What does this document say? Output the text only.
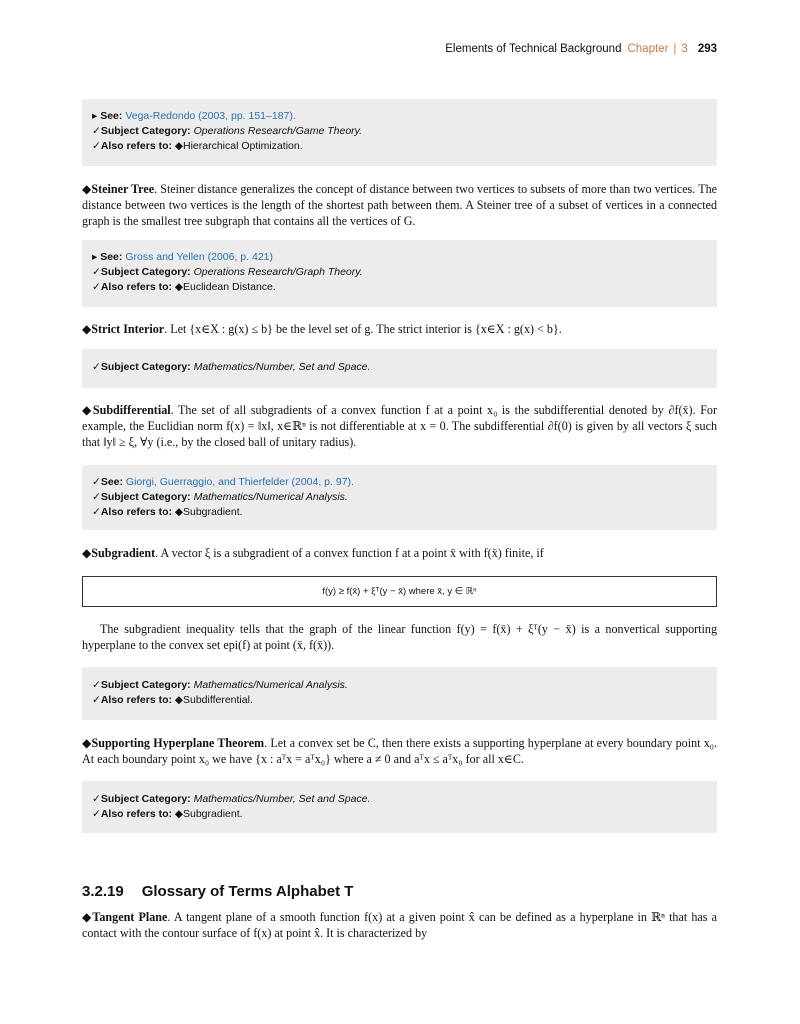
Elements of Technical Background Chapter | 3 293
▸ See: Vega-Redondo (2003, pp. 151–187).
✓Subject Category: Operations Research/Game Theory.
✓Also refers to: ◆Hierarchical Optimization.
◆Steiner Tree. Steiner distance generalizes the concept of distance between two vertices to subsets of more than two vertices. The distance between two vertices is the length of the shortest path between them. A Steiner tree of a subset of vertices in a connected graph is the smallest tree subgraph that contains all the vertices of G.
▸ See: Gross and Yellen (2006, p. 421)
✓Subject Category: Operations Research/Graph Theory.
✓Also refers to: ◆Euclidean Distance.
◆Strict Interior. Let {x∈X : g(x) ≤ b} be the level set of g. The strict interior is {x∈X : g(x) < b}.
✓Subject Category: Mathematics/Number, Set and Space.
◆Subdifferential. The set of all subgradients of a convex function f at a point x₀ is the subdifferential denoted by ∂f(x̄). For example, the Euclidian norm f(x) = ‖x‖, x∈ℝⁿ is not differentiable at x = 0. The subdifferential ∂f(0) is given by all vectors ξ such that ‖y‖ ≥ ξ, ∀y (i.e., by the closed ball of unitary radius).
✓See: Giorgi, Guerraggio, and Thierfelder (2004, p. 97).
✓Subject Category: Mathematics/Numerical Analysis.
✓Also refers to: ◆Subgradient.
◆Subgradient. A vector ξ is a subgradient of a convex function f at a point x̄ with f(x̄) finite, if
f(y) ≥ f(x̄) + ξᵀ(y − x̄) where x̄, y ∈ ℝⁿ
The subgradient inequality tells that the graph of the linear function f(y) = f(x̄) + ξᵀ(y − x̄) is a nonvertical supporting hyperplane to the convex set epi(f) at point (x̄, f(x̄)).
✓Subject Category: Mathematics/Numerical Analysis.
✓Also refers to: ◆Subdifferential.
◆Supporting Hyperplane Theorem. Let a convex set be C, then there exists a supporting hyperplane at every boundary point x₀. At each boundary point x₀ we have {x : aᵀx = aᵀx₀} where a ≠ 0 and aᵀx ≤ aᵀx₀ for all x∈C.
✓Subject Category: Mathematics/Number, Set and Space.
✓Also refers to: ◆Subgradient.
3.2.19 Glossary of Terms Alphabet T
◆Tangent Plane. A tangent plane of a smooth function f(x) at a given point x̂ can be defined as a hyperplane in ℝⁿ that has a contact with the contour surface of f(x) at point x̂. It is characterized by
